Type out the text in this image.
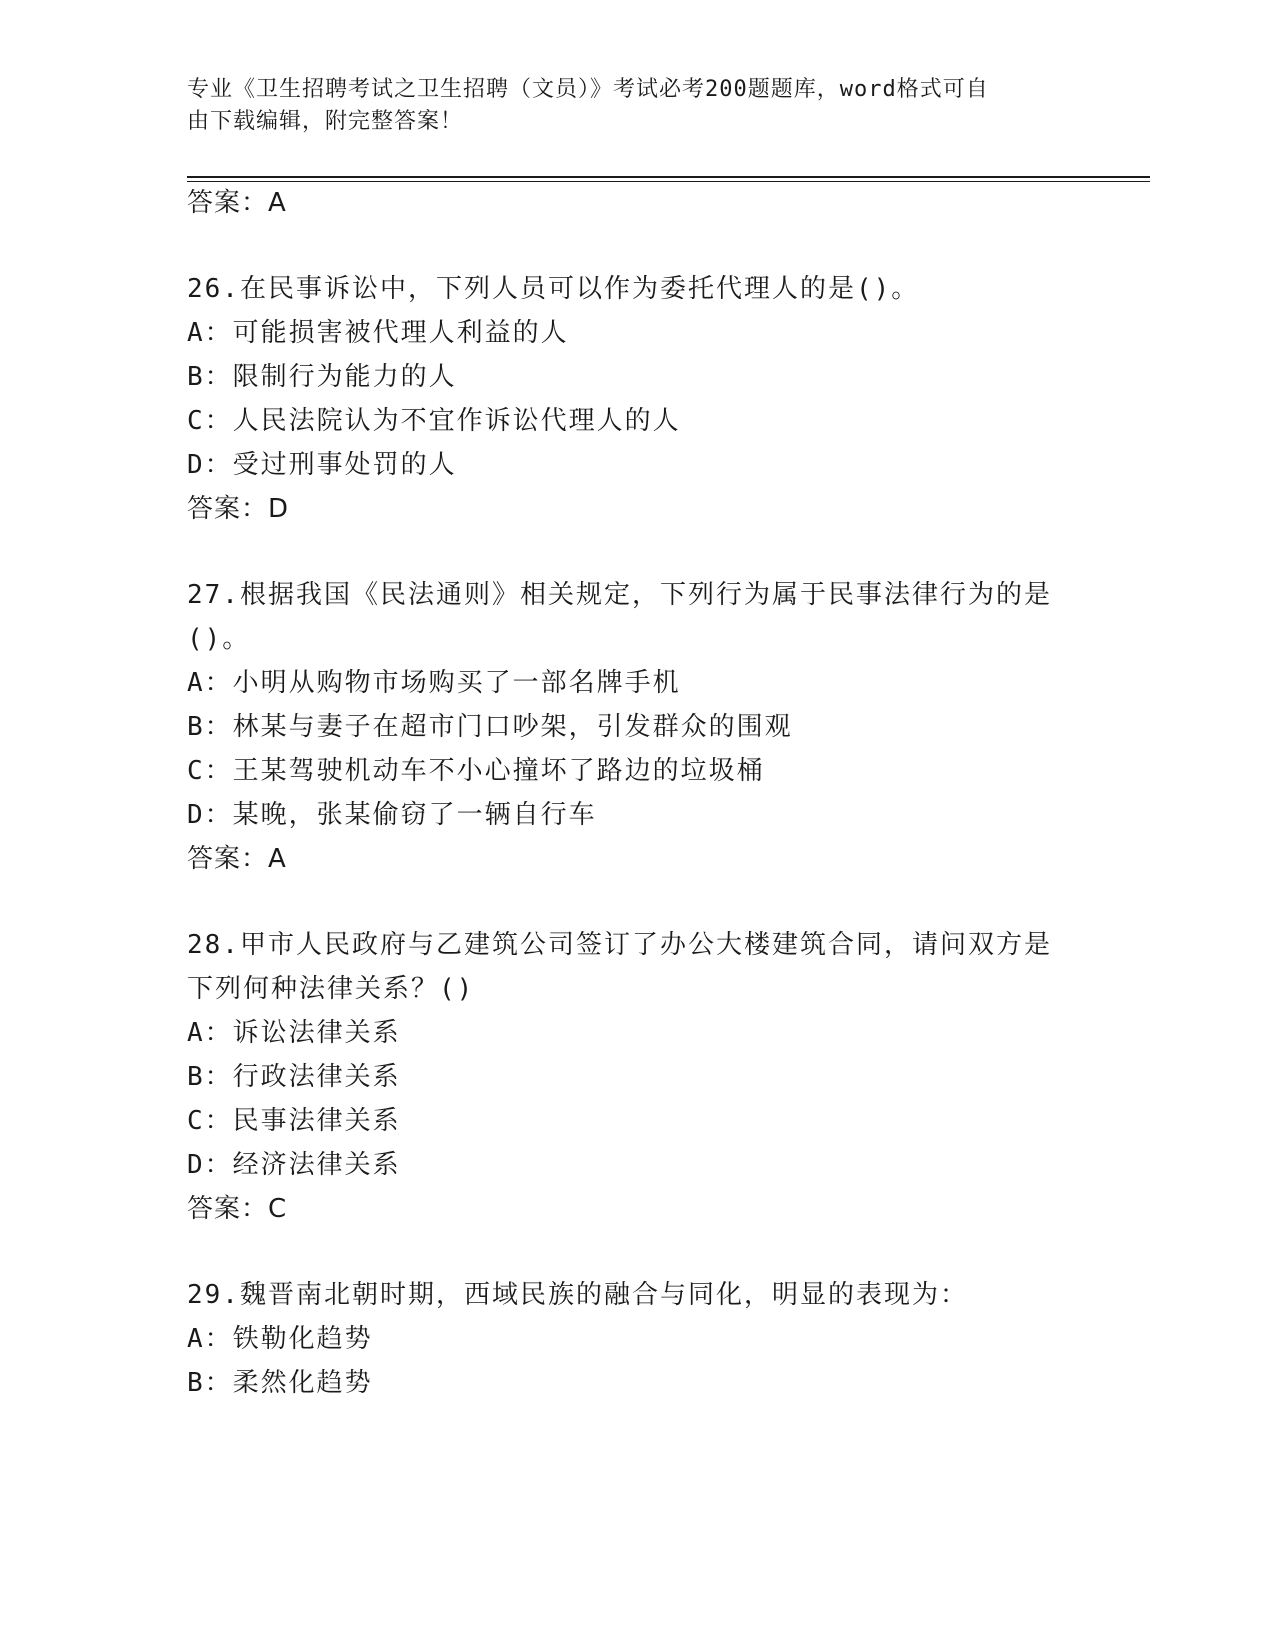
专业《卫生招聘考试之卫生招聘（文员）》考试必考200题题库，word格式可自
由下载编辑，附完整答案！

答案：A
26.在民事诉讼中，下列人员可以作为委托代理人的是()。
A：可能损害被代理人利益的人
B：限制行为能力的人
C：人民法院认为不宜作诉讼代理人的人
D：受过刑事处罚的人
答案：D
27.根据我国《民法通则》相关规定，下列行为属于民事法律行为的是
()。
A：小明从购物市场购买了一部名牌手机
B：林某与妻子在超市门口吵架，引发群众的围观
C：王某驾驶机动车不小心撞坏了路边的垃圾桶
D：某晚，张某偷窃了一辆自行车
答案：A
28.甲市人民政府与乙建筑公司签订了办公大楼建筑合同，请问双方是
下列何种法律关系？()
A：诉讼法律关系
B：行政法律关系
C：民事法律关系
D：经济法律关系
答案：C
29.魏晋南北朝时期，西域民族的融合与同化，明显的表现为：
A：铁勒化趋势
B：柔然化趋势
